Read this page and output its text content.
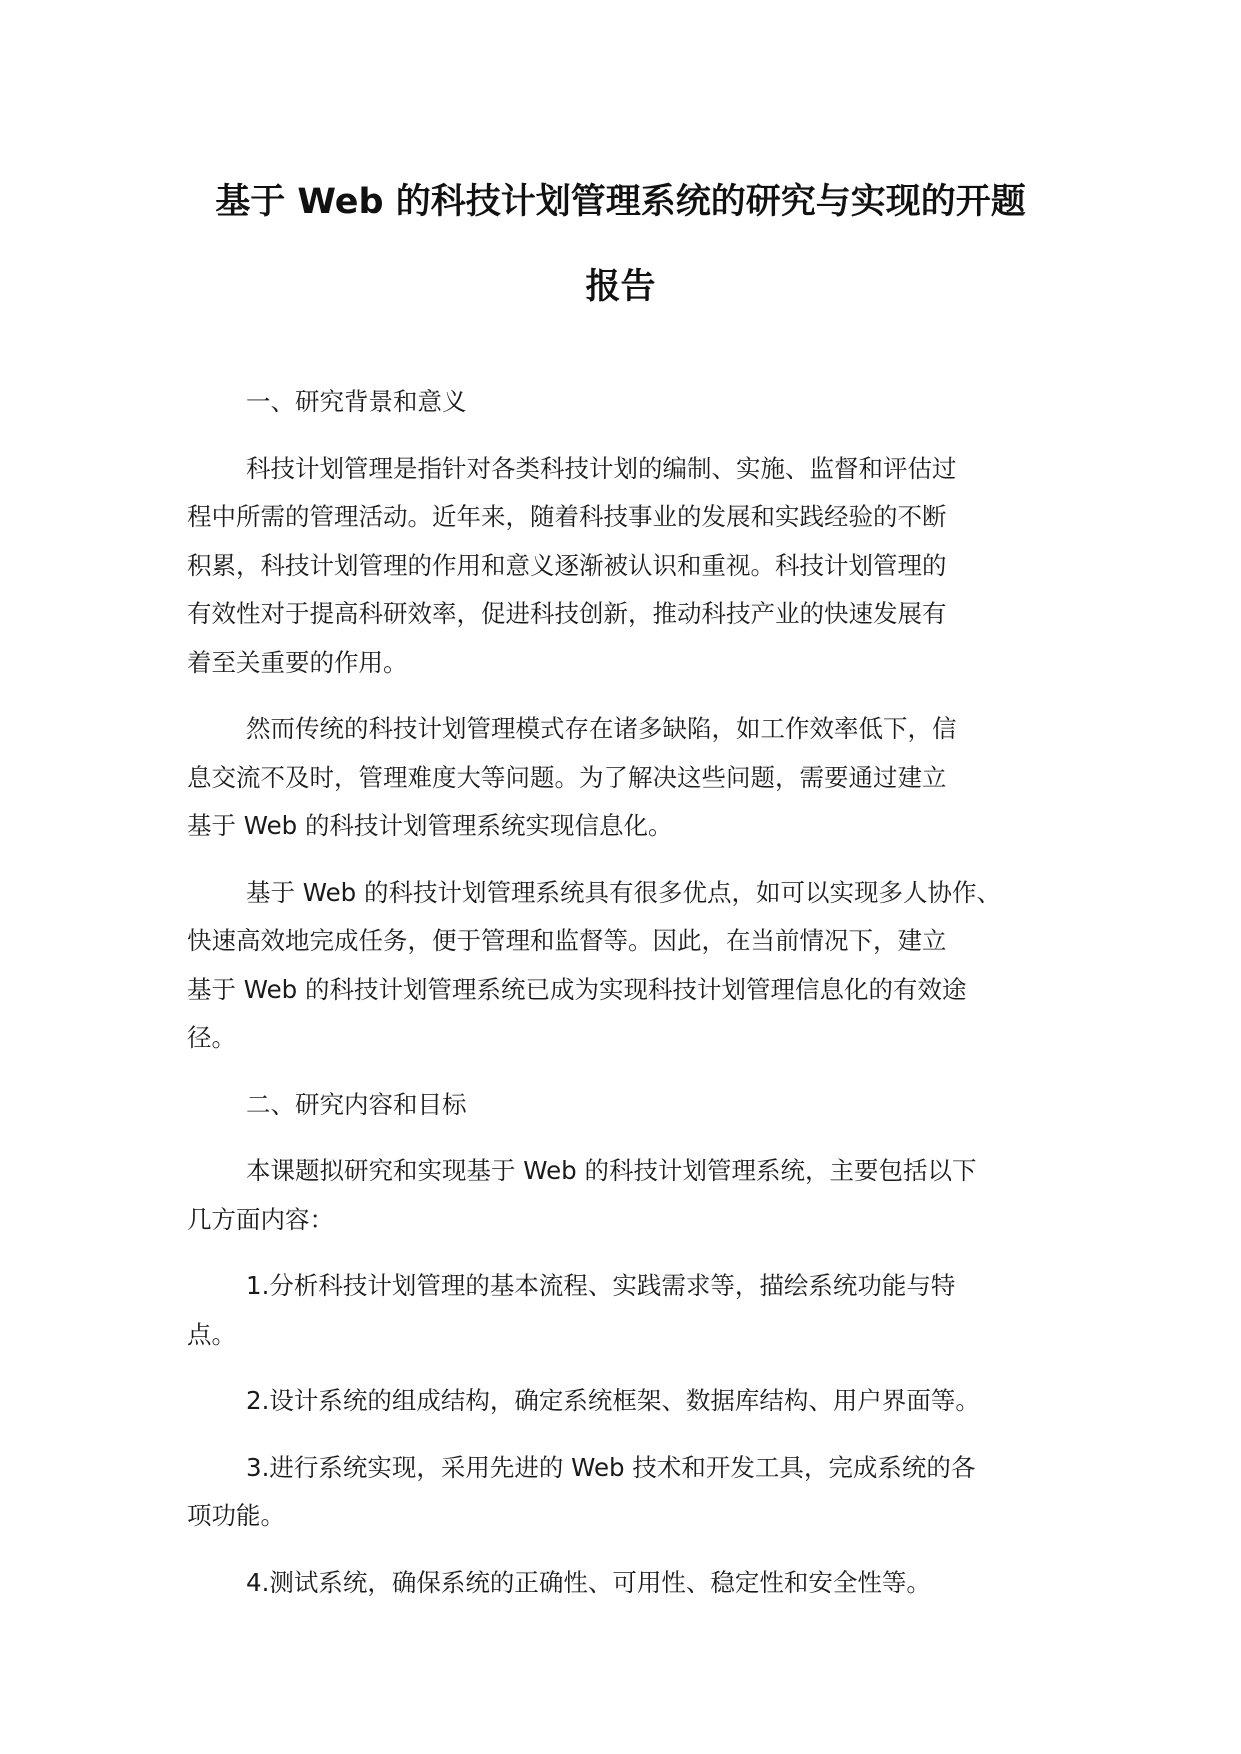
基于 Web 的科技计划管理系统的研究与实现的开题
报告
一、研究背景和意义
科技计划管理是指针对各类科技计划的编制、实施、监督和评估过
程中所需的管理活动。近年来，随着科技事业的发展和实践经验的不断
积累，科技计划管理的作用和意义逐渐被认识和重视。科技计划管理的
有效性对于提高科研效率，促进科技创新，推动科技产业的快速发展有
着至关重要的作用。
然而传统的科技计划管理模式存在诸多缺陷，如工作效率低下，信
息交流不及时，管理难度大等问题。为了解决这些问题，需要通过建立
基于 Web 的科技计划管理系统实现信息化。
基于 Web 的科技计划管理系统具有很多优点，如可以实现多人协作、
快速高效地完成任务，便于管理和监督等。因此，在当前情况下，建立
基于 Web 的科技计划管理系统已成为实现科技计划管理信息化的有效途
径。
二、研究内容和目标
本课题拟研究和实现基于 Web 的科技计划管理系统，主要包括以下
几方面内容：
1.分析科技计划管理的基本流程、实践需求等，描绘系统功能与特
点。
2.设计系统的组成结构，确定系统框架、数据库结构、用户界面等。
3.进行系统实现，采用先进的 Web 技术和开发工具，完成系统的各
项功能。
4.测试系统，确保系统的正确性、可用性、稳定性和安全性等。
